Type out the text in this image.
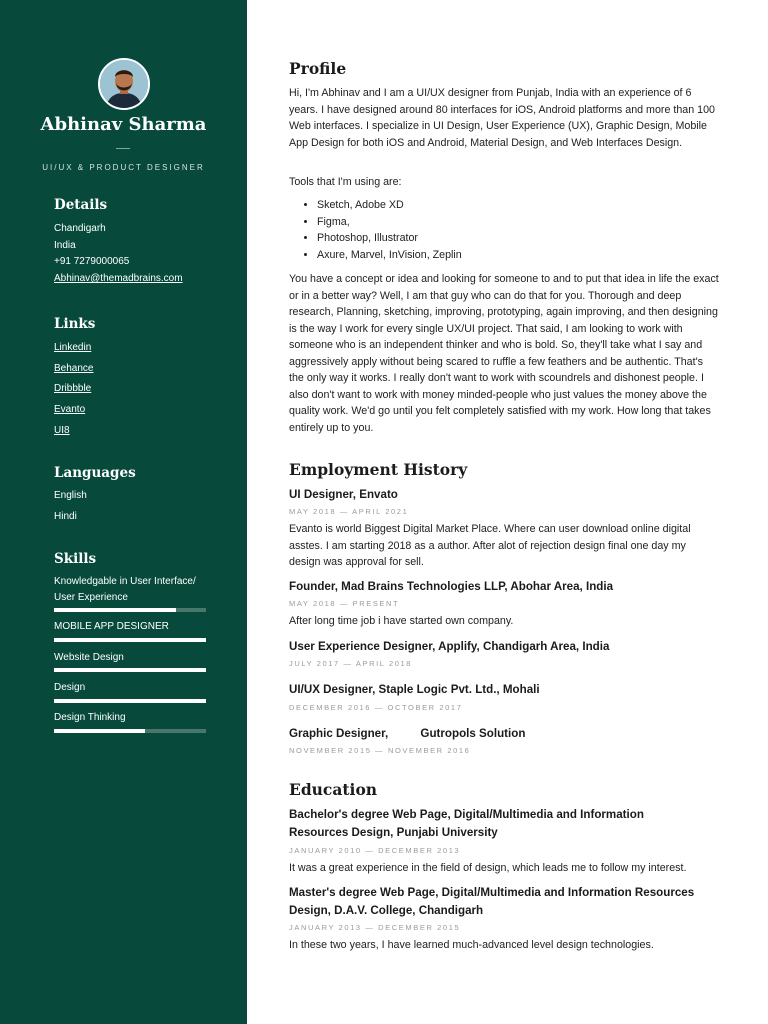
Abhinav Sharma
UI/UX & PRODUCT DESIGNER
Details
Chandigarh
India
+91 7279000065
Abhinav@themadbrains.com
Links
Linkedin
Behance
Dribbble
Evanto
UI8
Languages
English
Hindi
Skills
Knowledgable in User Interface/
User Experience
MOBILE APP DESIGNER
Website Design
Design
Design Thinking
Profile
Hi, I'm Abhinav and I am a UI/UX designer from Punjab, India with an experience of 6 years. I have designed around 80 interfaces for iOS, Android platforms and more than 100 Web interfaces. I specialize in UI Design, User Experience (UX), Graphic Design, Mobile App Design for both iOS and Android, Material Design, and Web Interfaces Design.
Tools that I'm using are:
• Sketch, Adobe XD
• Figma,
• Photoshop, Illustrator
• Axure, Marvel, InVision, Zeplin
You have a concept or idea and looking for someone to and to put that idea in life the exact or in a better way? Well, I am that guy who can do that for you. Thorough and deep research, Planning, sketching, improving, prototyping, again improving, and then designing is the way I work for every single UX/UI project. That said, I am looking to work with someone who is an independent thinker and who is bold. So, they'll take what I say and aggressively apply without being scared to ruffle a few feathers and be authentic. That's the only way it works. I really don't want to work with scoundrels and dishonest people. I also don't want to work with money minded-people who just values the money above the quality work. We'd go until you felt completely satisfied with my work. How long that takes entirely up to you.
Employment History
UI Designer, Envato
MAY 2018 — APRIL 2021
Evanto is world Biggest Digital Market Place. Where can user download online digital asstes. I am starting 2018 as a author. After alot of rejection design final one day my design was approval for sell.
Founder, Mad Brains Technologies LLP, Abohar Area, India
MAY 2018 — PRESENT
After long time job i have started own company.
User Experience Designer, Applify, Chandigarh Area, India
JULY 2017 — APRIL 2018
UI/UX Designer, Staple Logic Pvt. Ltd., Mohali
DECEMBER 2016 — OCTOBER 2017
Graphic Designer,          Gutropols Solution
NOVEMBER 2015 — NOVEMBER 2016
Education
Bachelor's degree Web Page, Digital/Multimedia and Information
Resources Design, Punjabi University
JANUARY 2010 — DECEMBER 2013
It was a great experience in the field of design, which leads me to follow my interest.
Master's degree Web Page, Digital/Multimedia and Information Resources
Design, D.A.V. College, Chandigarh
JANUARY 2013 — DECEMBER 2015
In these two years, I have learned much-advanced level design technologies.
